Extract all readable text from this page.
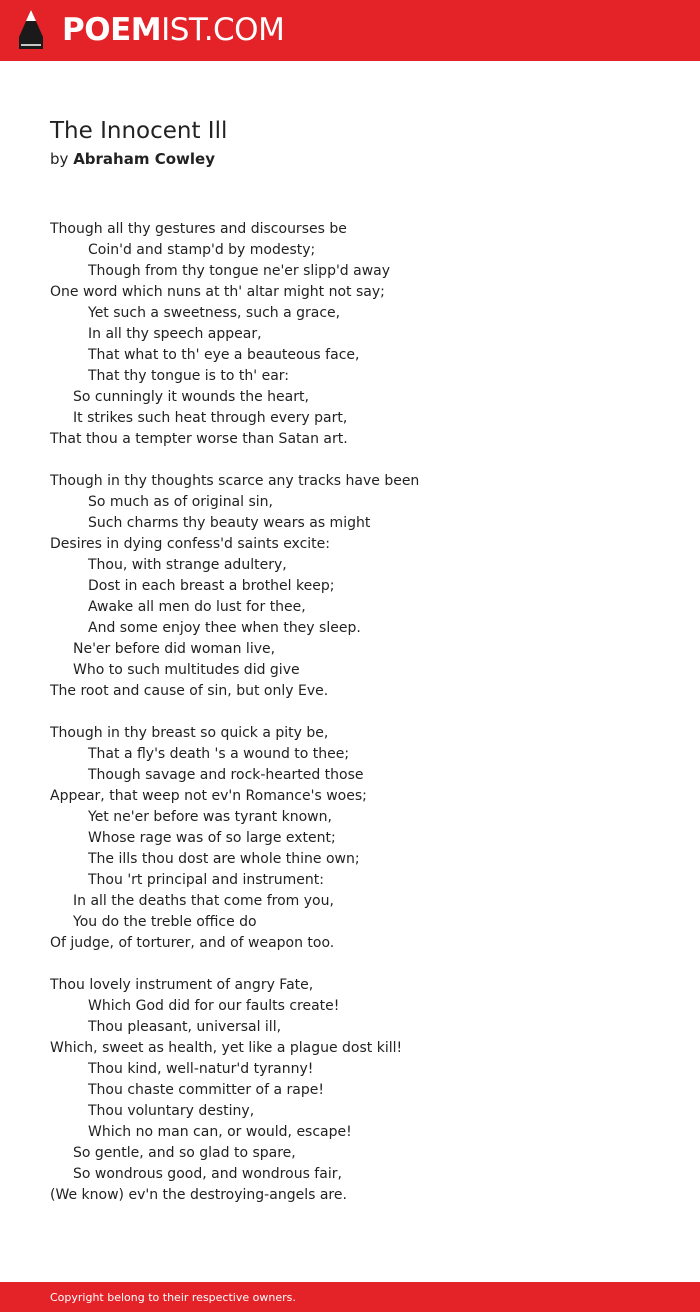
POEMIST.COM
The Innocent Ill
by Abraham Cowley
Though all thy gestures and discourses be
Coin'd and stamp'd by modesty;
Though from thy tongue ne'er slipp'd away
One word which nuns at th' altar might not say;
Yet such a sweetness, such a grace,
In all thy speech appear,
That what to th' eye a beauteous face,
That thy tongue is to th' ear:
So cunningly it wounds the heart,
It strikes such heat through every part,
That thou a tempter worse than Satan art.
Though in thy thoughts scarce any tracks have been
So much as of original sin,
Such charms thy beauty wears as might
Desires in dying confess'd saints excite:
Thou, with strange adultery,
Dost in each breast a brothel keep;
Awake all men do lust for thee,
And some enjoy thee when they sleep.
Ne'er before did woman live,
Who to such multitudes did give
The root and cause of sin, but only Eve.
Though in thy breast so quick a pity be,
That a fly's death 's a wound to thee;
Though savage and rock-hearted those
Appear, that weep not ev'n Romance's woes;
Yet ne'er before was tyrant known,
Whose rage was of so large extent;
The ills thou dost are whole thine own;
Thou 'rt principal and instrument:
In all the deaths that come from you,
You do the treble office do
Of judge, of torturer, and of weapon too.
Thou lovely instrument of angry Fate,
Which God did for our faults create!
Thou pleasant, universal ill,
Which, sweet as health, yet like a plague dost kill!
Thou kind, well-natur'd tyranny!
Thou chaste committer of a rape!
Thou voluntary destiny,
Which no man can, or would, escape!
So gentle, and so glad to spare,
So wondrous good, and wondrous fair,
(We know) ev'n the destroying-angels are.
Copyright belong to their respective owners.
